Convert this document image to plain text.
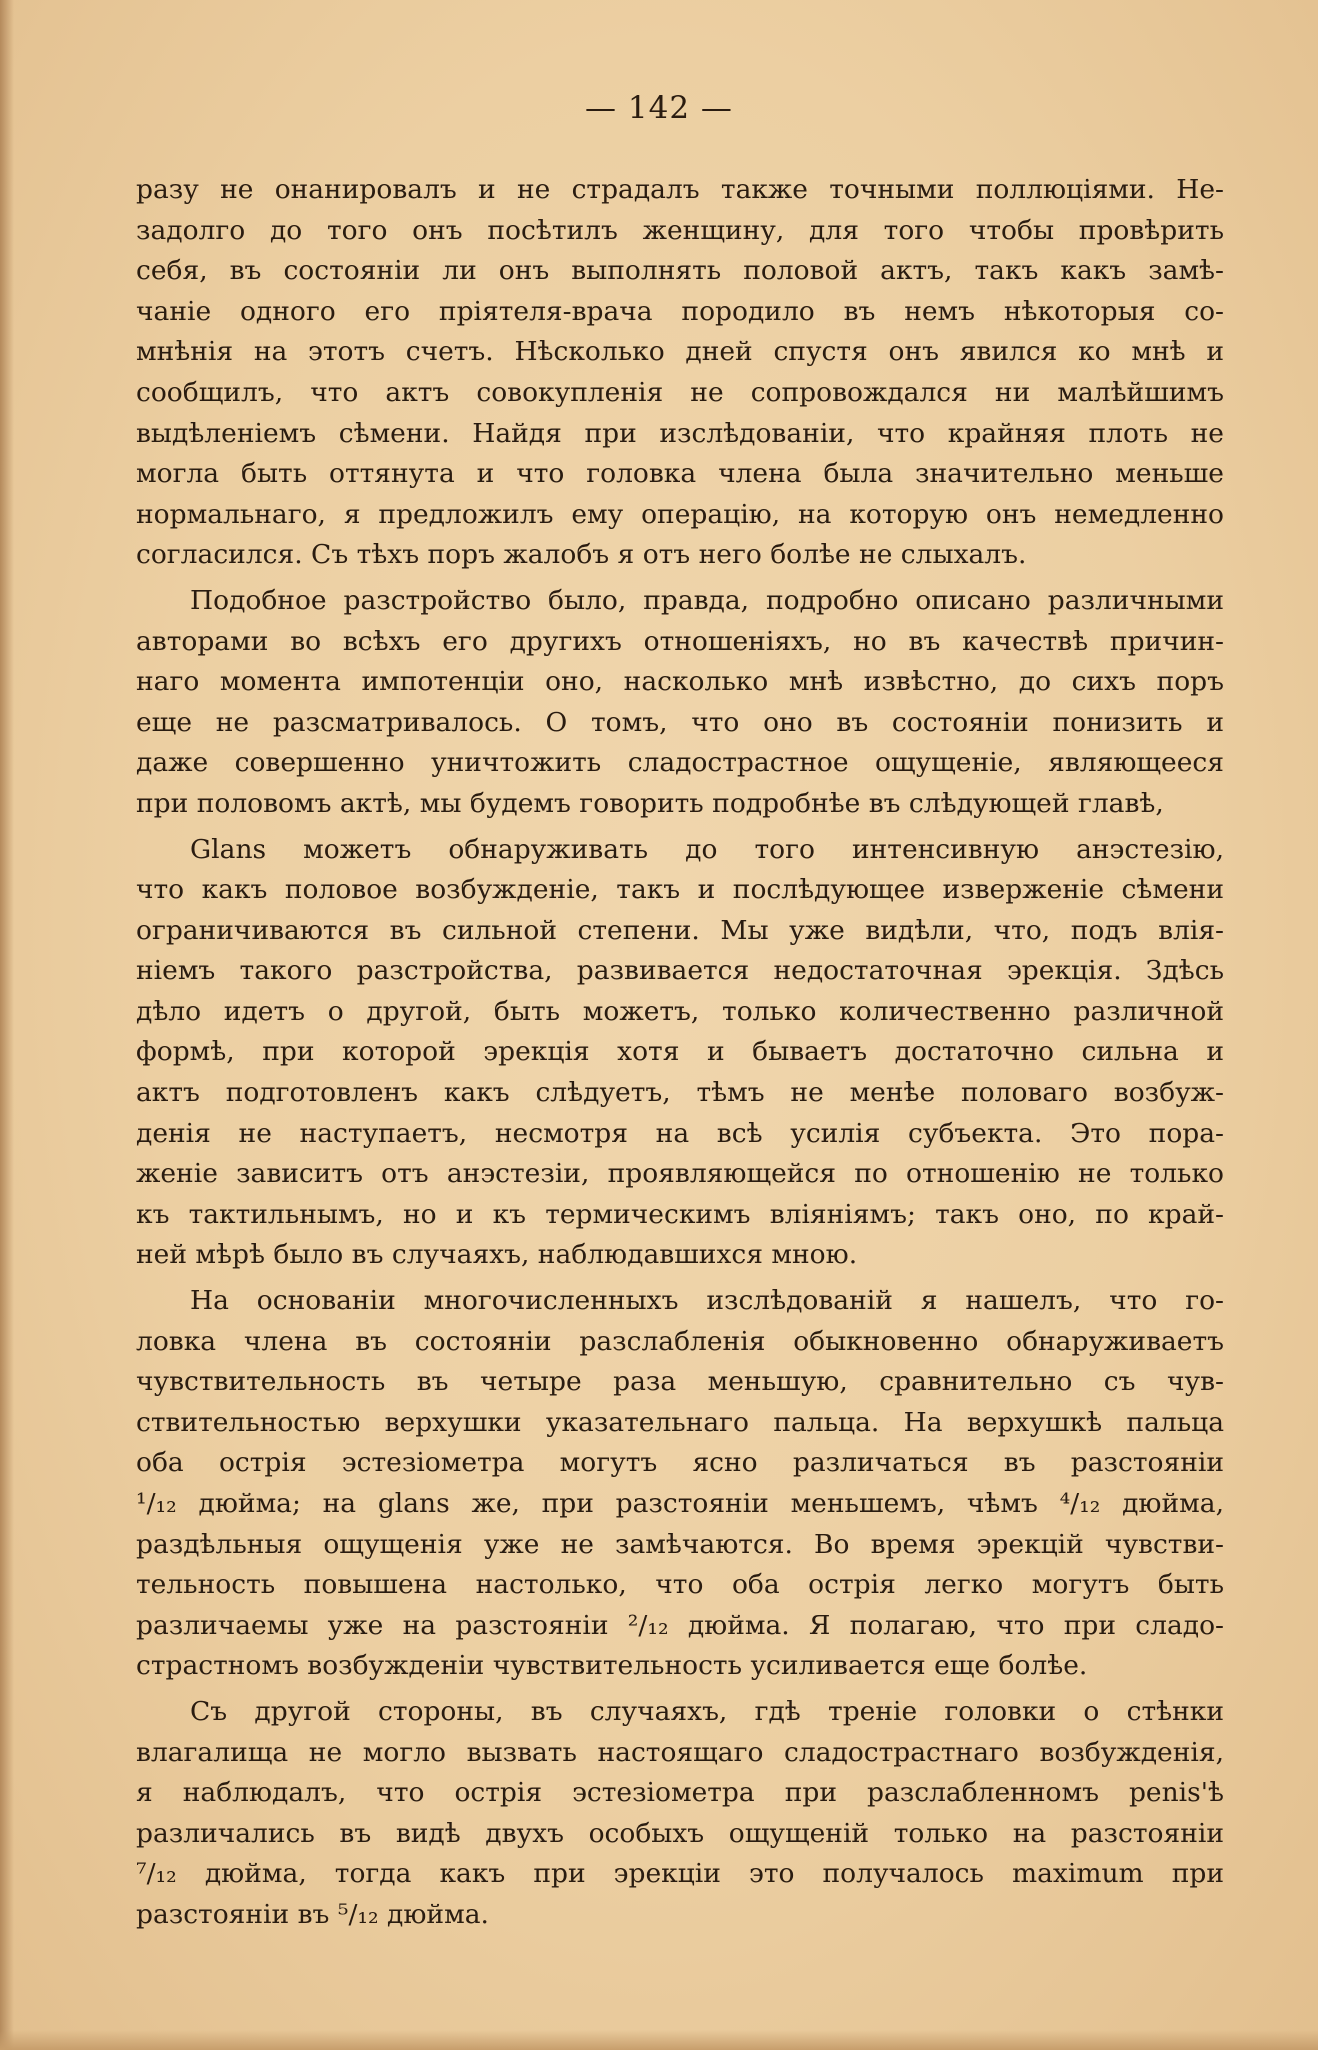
— 142 —
разу не онанировалъ и не страдалъ также точными поллюціями. Не-
задолго до того онъ посѣтилъ женщину, для того чтобы провѣрить
себя, въ состояніи ли онъ выполнять половой актъ, такъ какъ замѣ-
чаніе одного его пріятеля-врача породило въ немъ нѣкоторыя со-
мнѣнія на этотъ счетъ. Нѣсколько дней спустя онъ явился ко мнѣ и
сообщилъ, что актъ совокупленія не сопровождался ни малѣйшимъ
выдѣленіемъ сѣмени. Найдя при изслѣдованіи, что крайняя плоть не
могла быть оттянута и что головка члена была значительно меньше
нормальнаго, я предложилъ ему операцію, на которую онъ немедленно
согласился. Съ тѣхъ поръ жалобъ я отъ него болѣе не слыхалъ.
Подобное разстройство было, правда, подробно описано различными
авторами во всѣхъ его другихъ отношеніяхъ, но въ качествѣ причин-
наго момента импотенціи оно, насколько мнѣ извѣстно, до сихъ поръ
еще не разсматривалось. О томъ, что оно въ состояніи понизить и
даже совершенно уничтожить сладострастное ощущеніе, являющееся
при половомъ актѣ, мы будемъ говорить подробнѣе въ слѣдующей главѣ,
Glans можетъ обнаруживать до того интенсивную анэстезію,
что какъ половое возбужденіе, такъ и послѣдующее изверженіе сѣмени
ограничиваются въ сильной степени. Мы уже видѣли, что, подъ влія-
ніемъ такого разстройства, развивается недостаточная эрекція. Здѣсь
дѣло идетъ о другой, быть можетъ, только количественно различной
формѣ, при которой эрекція хотя и бываетъ достаточно сильна и
актъ подготовленъ какъ слѣдуетъ, тѣмъ не менѣе половаго возбуж-
денія не наступаетъ, несмотря на всѣ усилія субъекта. Это пора-
женіе зависитъ отъ анэстезіи, проявляющейся по отношенію не только
къ тактильнымъ, но и къ термическимъ вліяніямъ; такъ оно, по край-
ней мѣрѣ было въ случаяхъ, наблюдавшихся мною.
На основаніи многочисленныхъ изслѣдованій я нашелъ, что го-
ловка члена въ состояніи разслабленія обыкновенно обнаруживаетъ
чувствительность въ четыре раза меньшую, сравнительно съ чув-
ствительностью верхушки указательнаго пальца. На верхушкѣ пальца
оба острія эстезіометра могутъ ясно различаться въ разстояніи
¹/₁₂ дюйма; на glans же, при разстояніи меньшемъ, чѣмъ ⁴/₁₂ дюйма,
раздѣльныя ощущенія уже не замѣчаются. Во время эрекцій чувстви-
тельность повышена настолько, что оба острія легко могутъ быть
различаемы уже на разстояніи ²/₁₂ дюйма. Я полагаю, что при сладо-
страстномъ возбужденіи чувствительность усиливается еще болѣе.
Съ другой стороны, въ случаяхъ, гдѣ треніе головки о стѣнки
влагалища не могло вызвать настоящаго сладострастнаго возбужденія,
я наблюдалъ, что острія эстезіометра при разслабленномъ penis'ѣ
различались въ видѣ двухъ особыхъ ощущеній только на разстояніи
⁷/₁₂ дюйма, тогда какъ при эрекціи это получалось maximum при
разстояніи въ ⁵/₁₂ дюйма.
